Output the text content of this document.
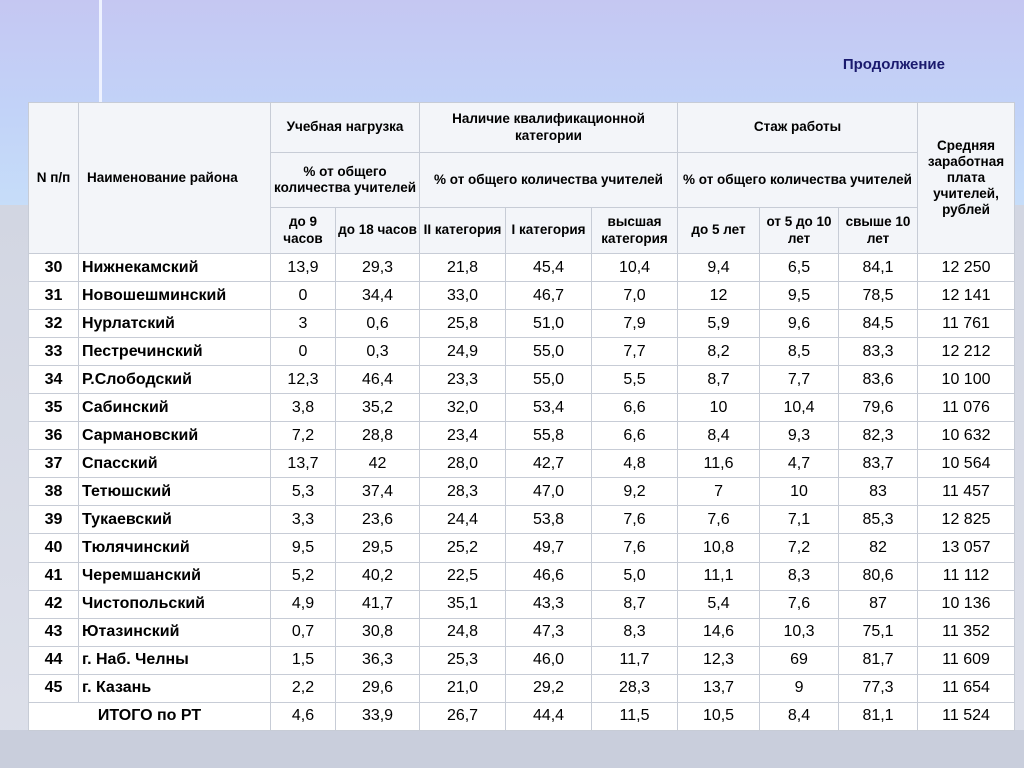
Продолжение
N п/п	Наименование района	Учебная нагрузка		Наличие квалификационной категории			Стаж работы			Средняя заработная плата учителей, рублей
		% от общего количества учителей		% от общего количества учителей			% от общего количества учителей			
		до 9 часов	до 18 часов	II категория	I категория	высшая категория	до 5 лет	от 5 до 10 лет	свыше 10 лет	
30	Нижнекамский	13,9	29,3	21,8	45,4	10,4	9,4	6,5	84,1	12 250
31	Новошешминский	0	34,4	33,0	46,7	7,0	12	9,5	78,5	12 141
32	Нурлатский	3	0,6	25,8	51,0	7,9	5,9	9,6	84,5	11 761
33	Пестречинский	0	0,3	24,9	55,0	7,7	8,2	8,5	83,3	12 212
34	Р.Слободский	12,3	46,4	23,3	55,0	5,5	8,7	7,7	83,6	10 100
35	Сабинский	3,8	35,2	32,0	53,4	6,6	10	10,4	79,6	11 076
36	Сармановский	7,2	28,8	23,4	55,8	6,6	8,4	9,3	82,3	10 632
37	Спасский	13,7	42	28,0	42,7	4,8	11,6	4,7	83,7	10 564
38	Тетюшский	5,3	37,4	28,3	47,0	9,2	7	10	83	11 457
39	Тукаевский	3,3	23,6	24,4	53,8	7,6	7,6	7,1	85,3	12 825
40	Тюлячинский	9,5	29,5	25,2	49,7	7,6	10,8	7,2	82	13 057
41	Черемшанский	5,2	40,2	22,5	46,6	5,0	11,1	8,3	80,6	11 112
42	Чистопольский	4,9	41,7	35,1	43,3	8,7	5,4	7,6	87	10 136
43	Ютазинский	0,7	30,8	24,8	47,3	8,3	14,6	10,3	75,1	11 352
44	г. Наб. Челны	1,5	36,3	25,3	46,0	11,7	12,3	69	81,7	11 609
45	г. Казань	2,2	29,6	21,0	29,2	28,3	13,7	9	77,3	11 654
ИТОГО по РТ		4,6	33,9	26,7	44,4	11,5	10,5	8,4	81,1	11 524
